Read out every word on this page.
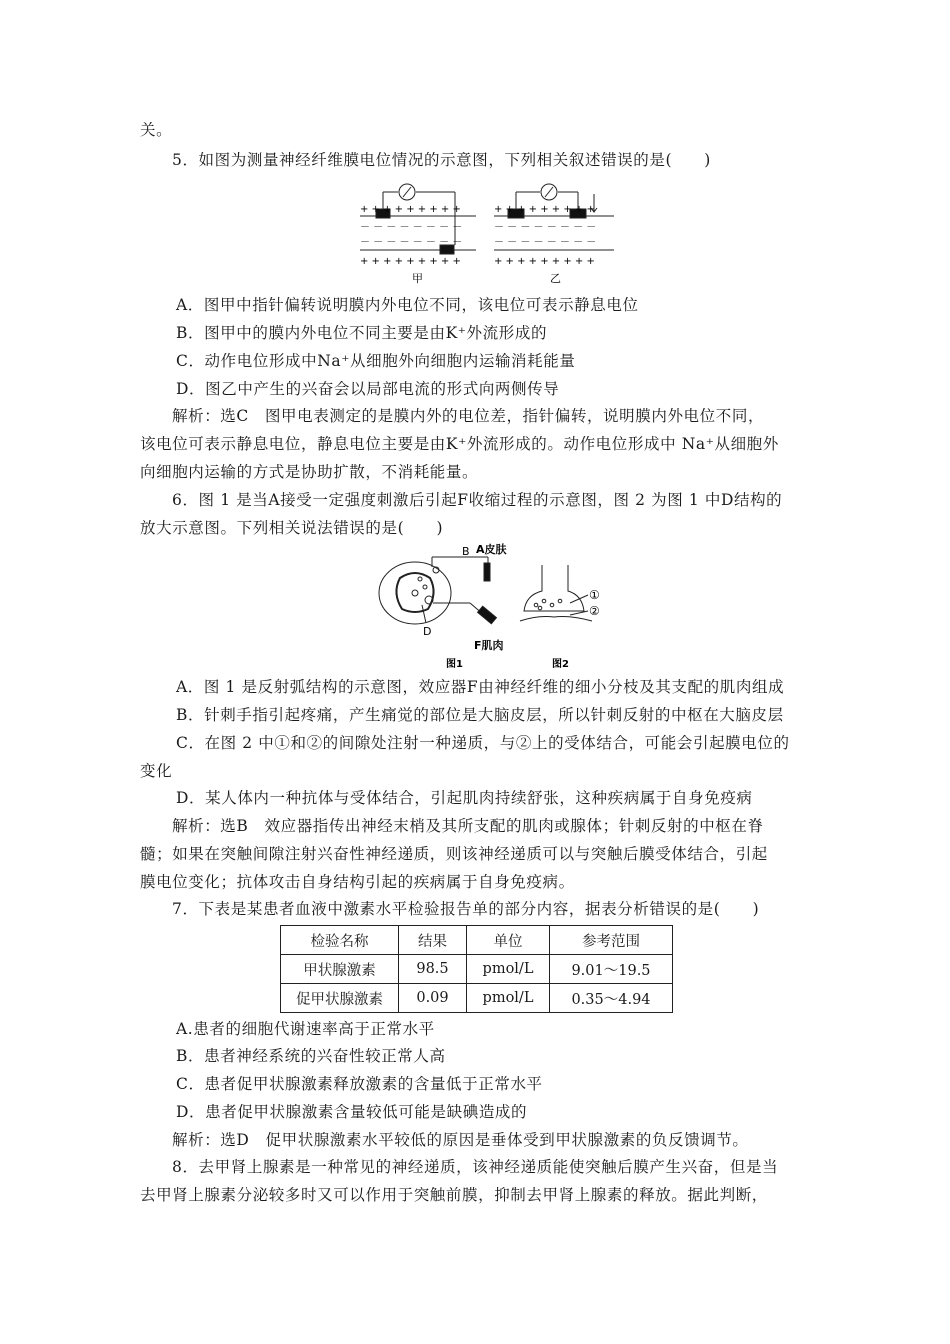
关。
5．如图为测量神经纤维膜电位情况的示意图，下列相关叙述错误的是(　　)
+ + + + + + + + +
－ － － － － － － －
－ － － － － － － －
+ + + + + + + + +
甲
+ + + + + + + + +
－ － － － － － － －
－ － － － － － － －
+ + + + + + + + +
乙
A．图甲中指针偏转说明膜内外电位不同，该电位可表示静息电位
B．图甲中的膜内外电位不同主要是由K⁺外流形成的
C．动作电位形成中Na⁺从细胞外向细胞内运输消耗能量
D．图乙中产生的兴奋会以局部电流的形式向两侧传导
解析：选C　图甲电表测定的是膜内外的电位差，指针偏转，说明膜内外电位不同，
该电位可表示静息电位，静息电位主要是由K⁺外流形成的。动作电位形成中 Na⁺从细胞外
向细胞内运输的方式是协助扩散，不消耗能量。
6．图 1 是当A接受一定强度刺激后引起F收缩过程的示意图，图 2 为图 1 中D结构的
放大示意图。下列相关说法错误的是(　　)
B A皮肤
D
F肌肉
图1
①
②
图2
A．图 1 是反射弧结构的示意图，效应器F由神经纤维的细小分枝及其支配的肌肉组成
B．针刺手指引起疼痛，产生痛觉的部位是大脑皮层，所以针刺反射的中枢在大脑皮层
C．在图 2 中①和②的间隙处注射一种递质，与②上的受体结合，可能会引起膜电位的
变化
D．某人体内一种抗体与受体结合，引起肌肉持续舒张，这种疾病属于自身免疫病
解析：选B　效应器指传出神经末梢及其所支配的肌肉或腺体；针刺反射的中枢在脊
髓；如果在突触间隙注射兴奋性神经递质，则该神经递质可以与突触后膜受体结合，引起
膜电位变化；抗体攻击自身结构引起的疾病属于自身免疫病。
7．下表是某患者血液中激素水平检验报告单的部分内容，据表分析错误的是(　　)
检验名称	结果	单位	参考范围
甲状腺激素	98.5	pmol/L	9.01～19.5
促甲状腺激素	0.09	pmol/L	0.35～4.94
A.患者的细胞代谢速率高于正常水平
B．患者神经系统的兴奋性较正常人高
C．患者促甲状腺激素释放激素的含量低于正常水平
D．患者促甲状腺激素含量较低可能是缺碘造成的
解析：选D　促甲状腺激素水平较低的原因是垂体受到甲状腺激素的负反馈调节。
8．去甲肾上腺素是一种常见的神经递质，该神经递质能使突触后膜产生兴奋，但是当
去甲肾上腺素分泌较多时又可以作用于突触前膜，抑制去甲肾上腺素的释放。据此判断，
